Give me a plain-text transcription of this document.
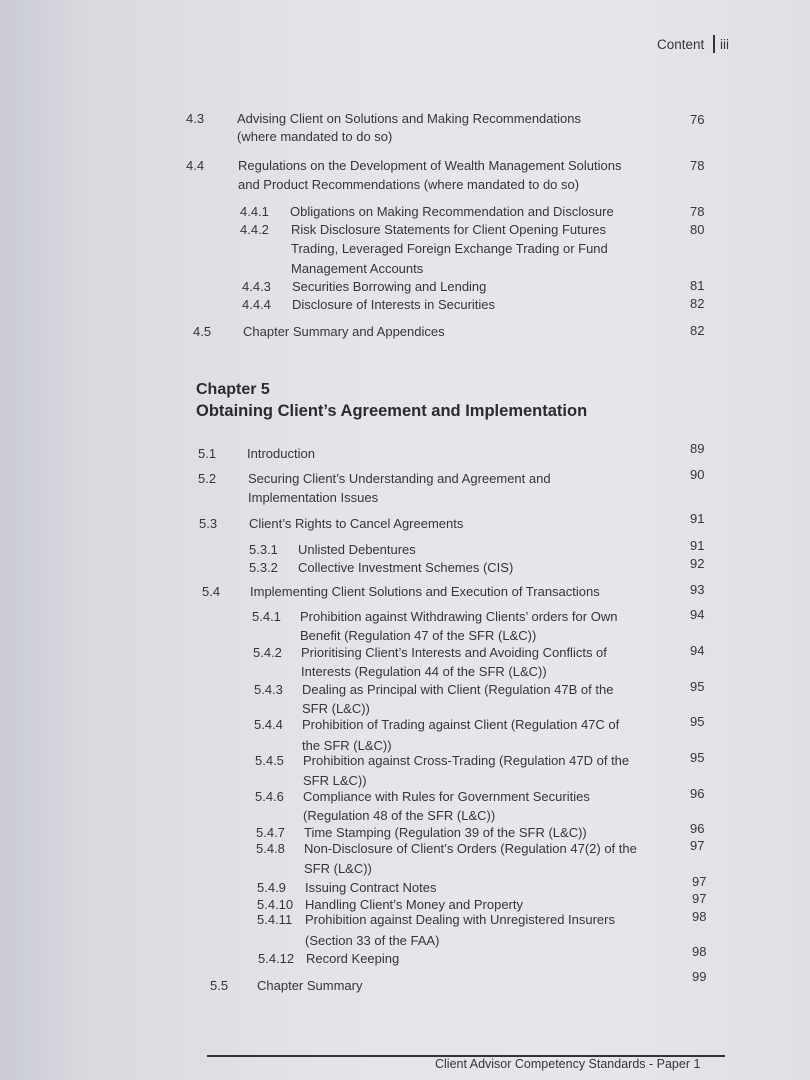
Content iii
Chapter 5
Obtaining Client’s Agreement and Implementation
Client Advisor Competency Standards - Paper 1
4.3	Advising Client on Solutions and Making Recommendations
(where mandated to do so)
76
4.4	Regulations on the Development of Wealth Management Solutions
and Product Recommendations (where mandated to do so)
78
4.4.1 Obligations on Making Recommendation and Disclosure	78
4.4.2 Risk Disclosure Statements for Client Opening Futures
Trading, Leveraged Foreign Exchange Trading or Fund
Management Accounts
80
4.4.3 Securities Borrowing and Lending	81
4.4.4 Disclosure of Interests in Securities	82
4.5 Chapter Summary and Appendices	82
5.1 Introduction	89
5.2 Securing Client’s Understanding and Agreement and
Implementation Issues
90
5.3 Client’s Rights to Cancel Agreements	91
5.3.1 Unlisted Debentures	91
5.3.2 Collective Investment Schemes (CIS)	92
5.4 Implementing Client Solutions and Execution of Transactions	93
5.4.1 Prohibition against Withdrawing Clients’ orders for Own
Benefit (Regulation 47 of the SFR (L&C))
94
5.4.2 Prioritising Client’s Interests and Avoiding Conflicts of
Interests (Regulation 44 of the SFR (L&C))
94
5.4.3 Dealing as Principal with Client (Regulation 47B of the
SFR (L&C))
95
5.4.4 Prohibition of Trading against Client (Regulation 47C of
the SFR (L&C))
95
5.4.5 Prohibition against Cross-Trading (Regulation 47D of the
SFR L&C))
95
5.4.6 Compliance with Rules for Government Securities
(Regulation 48 of the SFR (L&C))
96
5.4.7 Time Stamping (Regulation 39 of the SFR (L&C))	96
5.4.8 Non-Disclosure of Client’s Orders (Regulation 47(2) of the
SFR (L&C))
97
5.4.9 Issuing Contract Notes	97
5.4.10 Handling Client’s Money and Property	97
5.4.11 Prohibition against Dealing with Unregistered Insurers
(Section 33 of the FAA)
98
5.4.12 Record Keeping	98
5.5 Chapter Summary
99
